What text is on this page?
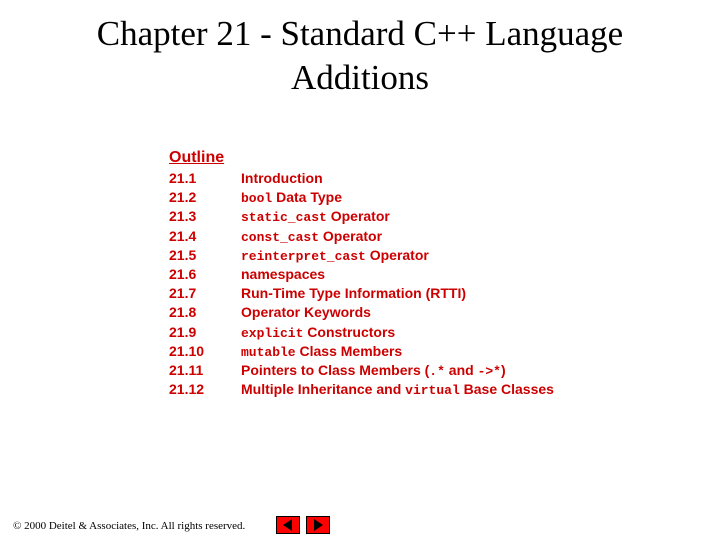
Chapter 21 - Standard C++ Language
Additions
Outline
21.1	Introduction
21.2	bool Data Type
21.3	static_cast Operator
21.4	const_cast Operator
21.5	reinterpret_cast Operator
21.6	namespaces
21.7	Run-Time Type Information (RTTI)
21.8	Operator Keywords
21.9	explicit Constructors
21.10	mutable Class Members
21.11	Pointers to Class Members (.* and ->*)
21.12	Multiple Inheritance and virtual Base Classes
© 2000 Deitel & Associates, Inc. All rights reserved.
